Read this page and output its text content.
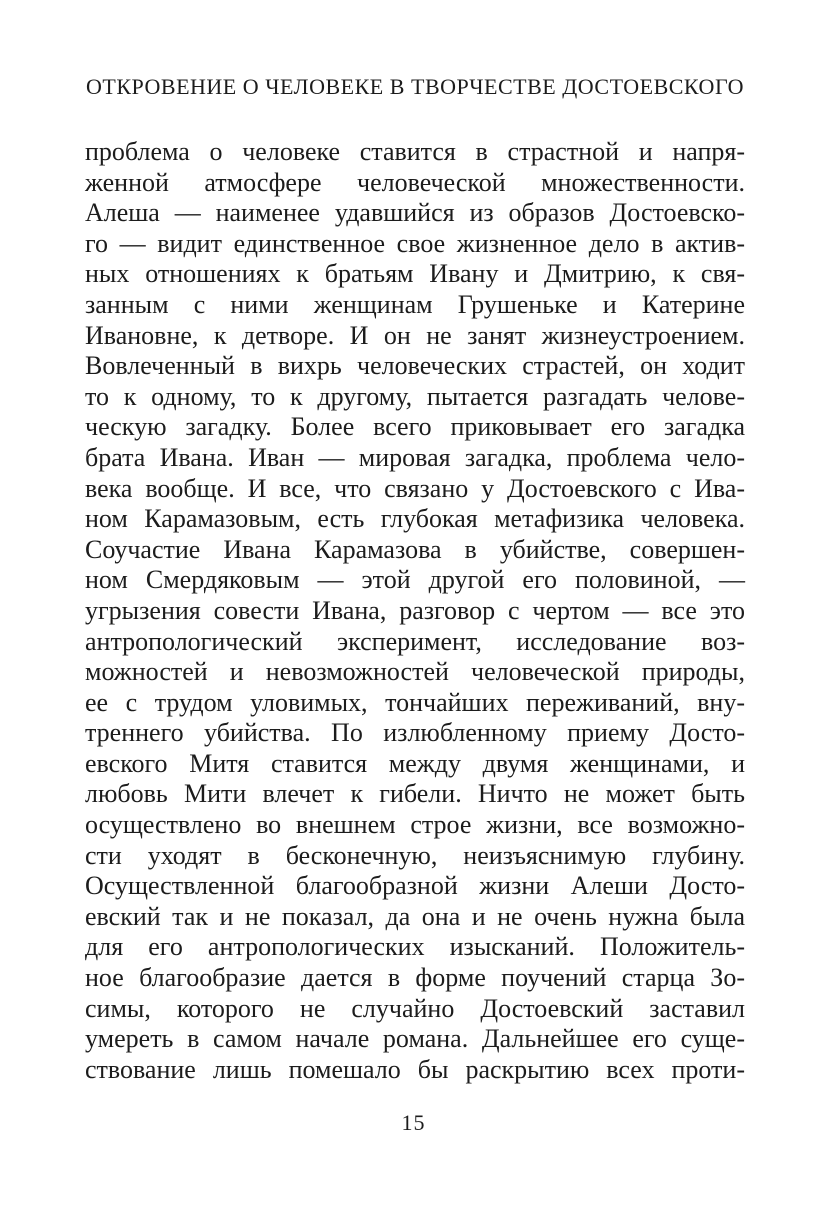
ОТКРОВЕНИЕ О ЧЕЛОВЕКЕ В ТВОРЧЕСТВЕ ДОСТОЕВСКОГО
проблема о человеке ставится в страстной и напря-
женной атмосфере человеческой множественности.
Алеша — наименее удавшийся из образов Достоевско-
го — видит единственное свое жизненное дело в актив-
ных отношениях к братьям Ивану и Дмитрию, к свя-
занным с ними женщинам Грушеньке и Катерине
Ивановне, к детворе. И он не занят жизнеустроением.
Вовлеченный в вихрь человеческих страстей, он ходит
то к одному, то к другому, пытается разгадать челове-
ческую загадку. Более всего приковывает его загадка
брата Ивана. Иван — мировая загадка, проблема чело-
века вообще. И все, что связано у Достоевского с Ива-
ном Карамазовым, есть глубокая метафизика человека.
Соучастие Ивана Карамазова в убийстве, совершен-
ном Смердяковым — этой другой его половиной, —
угрызения совести Ивана, разговор с чертом — все это
антропологический эксперимент, исследование воз-
можностей и невозможностей человеческой природы,
ее с трудом уловимых, тончайших переживаний, вну-
треннего убийства. По излюбленному приему Досто-
евского Митя ставится между двумя женщинами, и
любовь Мити влечет к гибели. Ничто не может быть
осуществлено во внешнем строе жизни, все возможно-
сти уходят в бесконечную, неизъяснимую глубину.
Осуществленной благообразной жизни Алеши Досто-
евский так и не показал, да она и не очень нужна была
для его антропологических изысканий. Положитель-
ное благообразие дается в форме поучений старца Зо-
симы, которого не случайно Достоевский заставил
умереть в самом начале романа. Дальнейшее его суще-
ствование лишь помешало бы раскрытию всех проти-
15
